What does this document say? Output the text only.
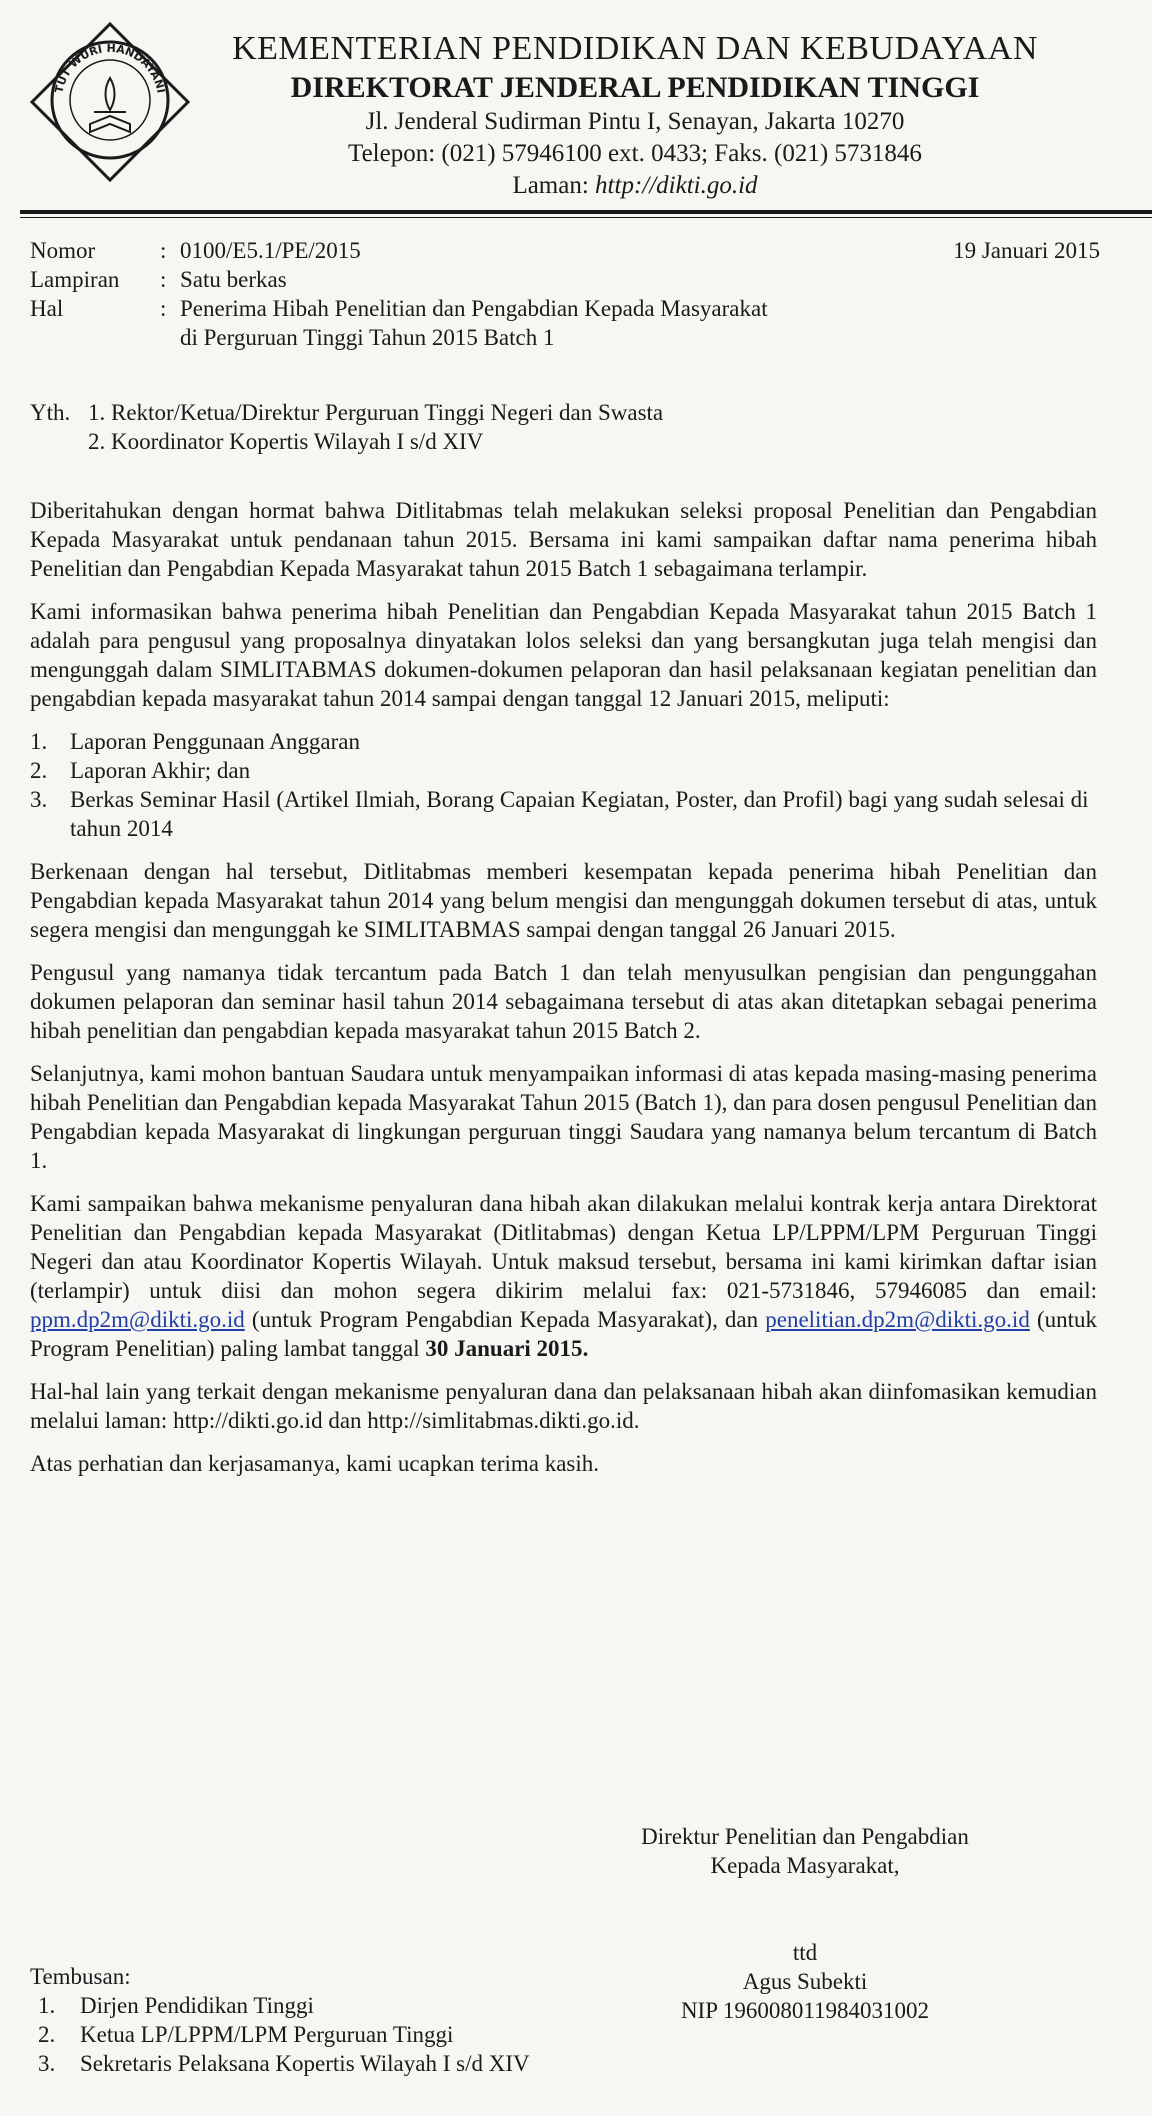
TUT WURI HANDAYANI
KEMENTERIAN PENDIDIKAN DAN KEBUDAYAAN
DIREKTORAT JENDERAL PENDIDIKAN TINGGI
Jl. Jenderal Sudirman Pintu I, Senayan, Jakarta 10270
Telepon: (021) 57946100 ext. 0433; Faks. (021) 5731846
Laman: http://dikti.go.id
Nomor	: 0100/E5.1/PE/2015
Lampiran	: Satu berkas
Hal	: Penerima Hibah Penelitian dan Pengabdian Kepada Masyarakat
di Perguruan Tinggi Tahun 2015 Batch 1
19 Januari 2015
Yth. 1. Rektor/Ketua/Direktur Perguruan Tinggi Negeri dan Swasta
2. Koordinator Kopertis Wilayah I s/d XIV

Diberitahukan dengan hormat bahwa Ditlitabmas telah melakukan seleksi proposal Penelitian dan Pengabdian Kepada Masyarakat untuk pendanaan tahun 2015. Bersama ini kami sampaikan daftar nama penerima hibah Penelitian dan Pengabdian Kepada Masyarakat tahun 2015 Batch 1 sebagaimana terlampir.

Kami informasikan bahwa penerima hibah Penelitian dan Pengabdian Kepada Masyarakat tahun 2015 Batch 1 adalah para pengusul yang proposalnya dinyatakan lolos seleksi dan yang bersangkutan juga telah mengisi dan mengunggah dalam SIMLITABMAS dokumen-dokumen pelaporan dan hasil pelaksanaan kegiatan penelitian dan pengabdian kepada masyarakat tahun 2014 sampai dengan tanggal 12 Januari 2015, meliputi:

1. Laporan Penggunaan Anggaran
2. Laporan Akhir; dan
3. Berkas Seminar Hasil (Artikel Ilmiah, Borang Capaian Kegiatan, Poster, dan Profil) bagi yang sudah selesai di tahun 2014

Berkenaan dengan hal tersebut, Ditlitabmas memberi kesempatan kepada penerima hibah Penelitian dan Pengabdian kepada Masyarakat tahun 2014 yang belum mengisi dan mengunggah dokumen tersebut di atas, untuk segera mengisi dan mengunggah ke SIMLITABMAS sampai dengan tanggal 26 Januari 2015.

Pengusul yang namanya tidak tercantum pada Batch 1 dan telah menyusulkan pengisian dan pengunggahan dokumen pelaporan dan seminar hasil tahun 2014 sebagaimana tersebut di atas akan ditetapkan sebagai penerima hibah penelitian dan pengabdian kepada masyarakat tahun 2015 Batch 2.

Selanjutnya, kami mohon bantuan Saudara untuk menyampaikan informasi di atas kepada masing-masing penerima hibah Penelitian dan Pengabdian kepada Masyarakat Tahun 2015 (Batch 1), dan para dosen pengusul Penelitian dan Pengabdian kepada Masyarakat di lingkungan perguruan tinggi Saudara yang namanya belum tercantum di Batch 1.

Kami sampaikan bahwa mekanisme penyaluran dana hibah akan dilakukan melalui kontrak kerja antara Direktorat Penelitian dan Pengabdian kepada Masyarakat (Ditlitabmas) dengan Ketua LP/LPPM/LPM Perguruan Tinggi Negeri dan atau Koordinator Kopertis Wilayah. Untuk maksud tersebut, bersama ini kami kirimkan daftar isian (terlampir) untuk diisi dan mohon segera dikirim melalui fax: 021-5731846, 57946085 dan email: ppm.dp2m@dikti.go.id (untuk Program Pengabdian Kepada Masyarakat), dan penelitian.dp2m@dikti.go.id (untuk Program Penelitian) paling lambat tanggal 30 Januari 2015.

Hal-hal lain yang terkait dengan mekanisme penyaluran dana dan pelaksanaan hibah akan diinfomasikan kemudian melalui laman: http://dikti.go.id dan http://simlitabmas.dikti.go.id.

Atas perhatian dan kerjasamanya, kami ucapkan terima kasih.

Direktur Penelitian dan Pengabdian
Kepada Masyarakat,
ttd
Agus Subekti
NIP 196008011984031002
Tembusan:
1.	Dirjen Pendidikan Tinggi
2.	Ketua LP/LPPM/LPM Perguruan Tinggi
3.	Sekretaris Pelaksana Kopertis Wilayah I s/d XIV
